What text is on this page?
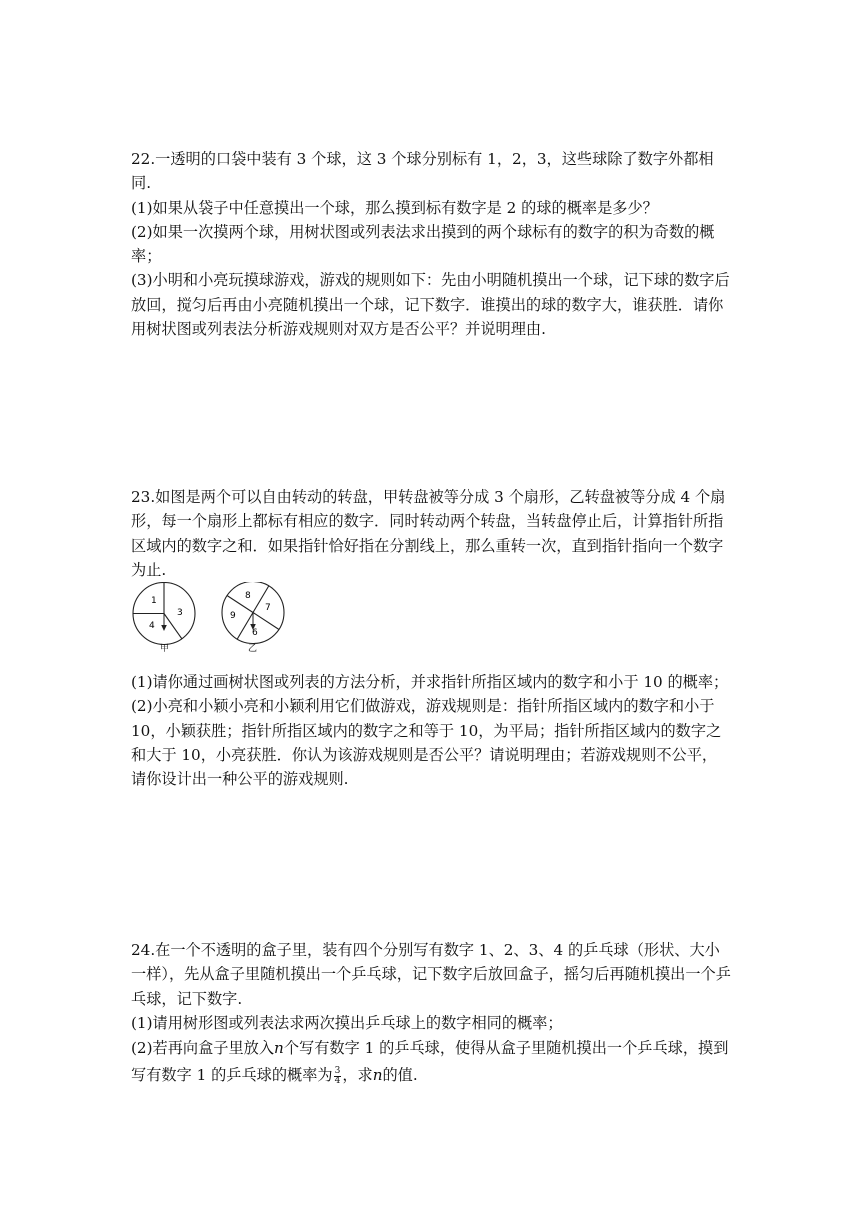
22.一透明的口袋中装有 3 个球，这 3 个球分别标有 1，2，3，这些球除了数字外都相同.

(1)如果从袋子中任意摸出一个球，那么摸到标有数字是 2 的球的概率是多少？

(2)如果一次摸两个球，用树状图或列表法求出摸到的两个球标有的数字的积为奇数的概率；

(3)小明和小亮玩摸球游戏，游戏的规则如下：先由小明随机摸出一个球，记下球的数字后放回，搅匀后再由小亮随机摸出一个球，记下数字．谁摸出的球的数字大，谁获胜．请你用树状图或列表法分析游戏规则对双方是否公平？并说明理由.

23.如图是两个可以自由转动的转盘，甲转盘被等分成 3 个扇形，乙转盘被等分成 4 个扇形，每一个扇形上都标有相应的数字．同时转动两个转盘，当转盘停止后，计算指针所指区域内的数字之和．如果指针恰好指在分割线上，那么重转一次，直到指针指向一个数字为止.

1
3
4
8
7
9
6
甲	乙

(1)请你通过画树状图或列表的方法分析，并求指针所指区域内的数字和小于 10 的概率；

(2)小亮和小颖小亮和小颖利用它们做游戏，游戏规则是：指针所指区域内的数字和小于 10，小颖获胜；指针所指区域内的数字之和等于 10，为平局；指针所指区域内的数字之和大于 10，小亮获胜．你认为该游戏规则是否公平？请说明理由；若游戏规则不公平，请你设计出一种公平的游戏规则.

24.在一个不透明的盒子里，装有四个分别写有数字 1、2、3、4 的乒乓球（形状、大小一样），先从盒子里随机摸出一个乒乓球，记下数字后放回盒子，摇匀后再随机摸出一个乒乓球，记下数字.

(1)请用树形图或列表法求两次摸出乒乓球上的数字相同的概率；

(2)若再向盒子里放入n个写有数字 1 的乒乓球，使得从盒子里随机摸出一个乒乓球，摸到写有数字 1 的乒乓球的概率为 $\frac{3}{4}$ ，求n的值.
